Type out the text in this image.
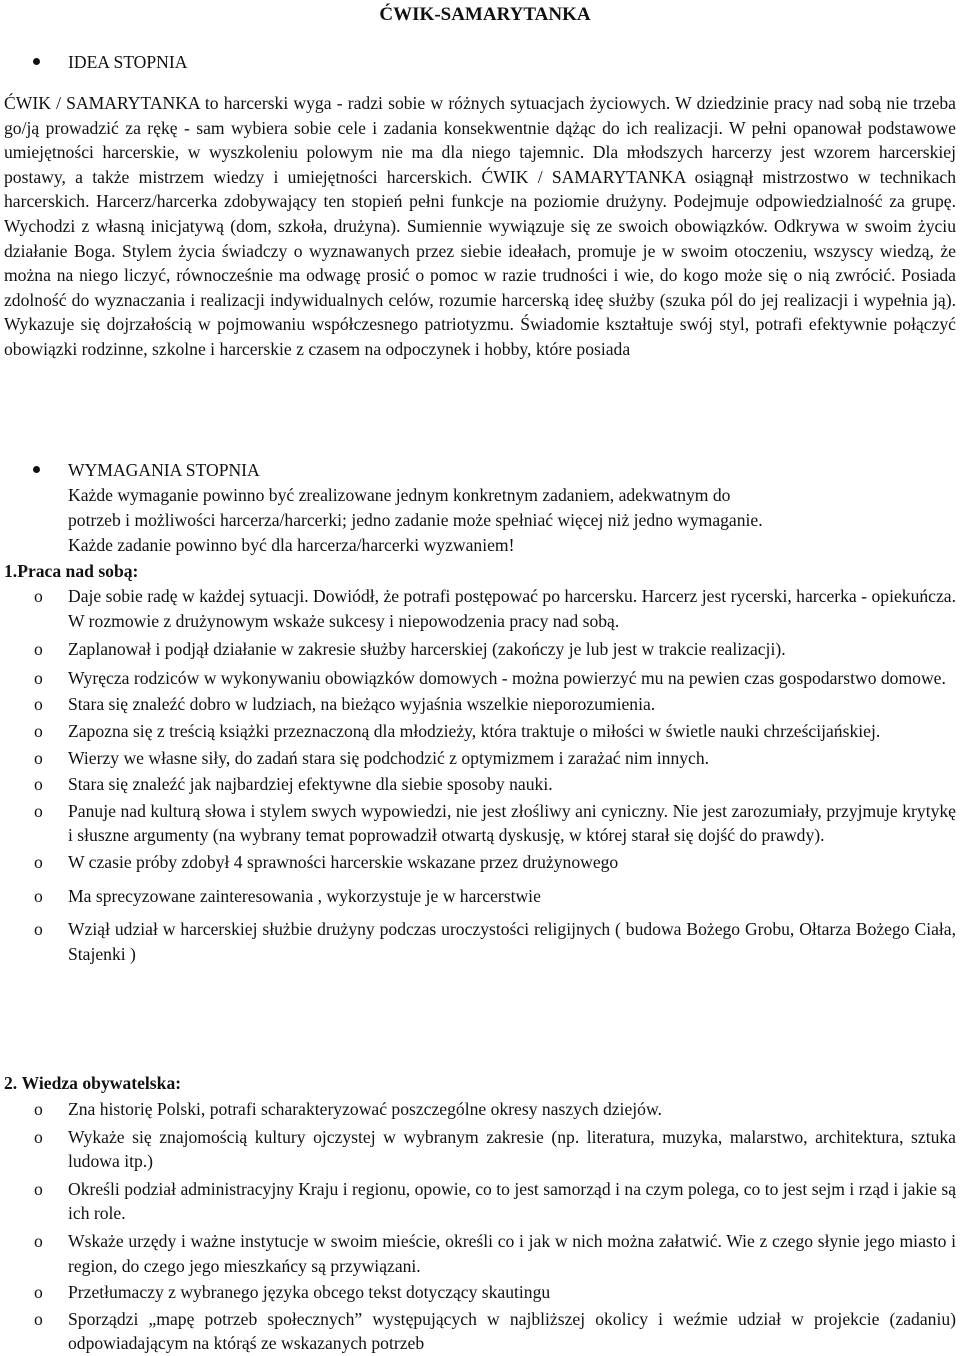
ĆWIK-SAMARYTANKA
IDEA STOPNIA
ĆWIK / SAMARYTANKA to harcerski wyga - radzi sobie w różnych sytuacjach życiowych. W dziedzinie pracy nad sobą nie trzeba go/ją prowadzić za rękę - sam wybiera sobie cele i zadania konsekwentnie dążąc do ich realizacji. W pełni opanował podstawowe umiejętności harcerskie, w wyszkoleniu polowym nie ma dla niego tajemnic. Dla młodszych harcerzy jest wzorem harcerskiej postawy, a także mistrzem wiedzy i umiejętności harcerskich. ĆWIK / SAMARYTANKA osiągnął mistrzostwo w technikach harcerskich. Harcerz/harcerka zdobywający ten stopień pełni funkcje na poziomie drużyny. Podejmuje odpowiedzialność za grupę. Wychodzi z własną inicjatywą (dom, szkoła, drużyna). Sumiennie wywiązuje się ze swoich obowiązków. Odkrywa w swoim życiu działanie Boga. Stylem życia świadczy o wyznawanych przez siebie ideałach, promuje je w swoim otoczeniu, wszyscy wiedzą, że można na niego liczyć, równocześnie ma odwagę prosić o pomoc w razie trudności i wie, do kogo może się o nią zwrócić. Posiada zdolność do wyznaczania i realizacji indywidualnych celów, rozumie harcerską ideę służby (szuka pól do jej realizacji i wypełnia ją). Wykazuje się dojrzałością w pojmowaniu współczesnego patriotyzmu. Świadomie kształtuje swój styl, potrafi efektywnie połączyć obowiązki rodzinne, szkolne i harcerskie z czasem na odpoczynek i hobby, które posiada
WYMAGANIA STOPNIA
Każde wymaganie powinno być zrealizowane jednym konkretnym zadaniem, adekwatnym do
potrzeb i możliwości harcerza/harcerki; jedno zadanie może spełniać więcej niż jedno wymaganie.
Każde zadanie powinno być dla harcerza/harcerki wyzwaniem!
1.Praca nad sobą:
o Daje sobie radę w każdej sytuacji. Dowiódł, że potrafi postępować po harcersku. Harcerz jest rycerski, harcerka - opiekuńcza. W rozmowie z drużynowym wskaże sukcesy i niepowodzenia pracy nad sobą.
o Zaplanował i podjął działanie w zakresie służby harcerskiej (zakończy je lub jest w trakcie realizacji).
o Wyręcza rodziców w wykonywaniu obowiązków domowych - można powierzyć mu na pewien czas gospodarstwo domowe.
o Stara się znaleźć dobro w ludziach, na bieżąco wyjaśnia wszelkie nieporozumienia.
o Zapozna się z treścią książki przeznaczoną dla młodzieży, która traktuje o miłości w świetle nauki chrześcijańskiej.
o Wierzy we własne siły, do zadań stara się podchodzić z optymizmem i zarażać nim innych.
o Stara się znaleźć jak najbardziej efektywne dla siebie sposoby nauki.
o Panuje nad kulturą słowa i stylem swych wypowiedzi, nie jest złośliwy ani cyniczny. Nie jest zarozumiały, przyjmuje krytykę i słuszne argumenty (na wybrany temat poprowadził otwartą dyskusję, w której starał się dojść do prawdy).
o W czasie próby zdobył 4 sprawności harcerskie wskazane przez drużynowego
o Ma sprecyzowane zainteresowania , wykorzystuje je w harcerstwie
o Wziął udział w harcerskiej służbie drużyny podczas uroczystości religijnych ( budowa Bożego Grobu, Ołtarza Bożego Ciała, Stajenki )
2. Wiedza obywatelska:
o Zna historię Polski, potrafi scharakteryzować poszczególne okresy naszych dziejów.
o Wykaże się znajomością kultury ojczystej w wybranym zakresie (np. literatura, muzyka, malarstwo, architektura, sztuka ludowa itp.)
o Określi podział administracyjny Kraju i regionu, opowie, co to jest samorząd i na czym polega, co to jest sejm i rząd i jakie są ich role.
o Wskaże urzędy i ważne instytucje w swoim mieście, określi co i jak w nich można załatwić. Wie z czego słynie jego miasto i region, do czego jego mieszkańcy są przywiązani.
o Przetłumaczy z wybranego języka obcego tekst dotyczący skautingu
o Sporządzi „mapę potrzeb społecznych” występujących w najbliższej okolicy i weźmie udział w projekcie (zadaniu) odpowiadającym na którąś ze wskazanych potrzeb
